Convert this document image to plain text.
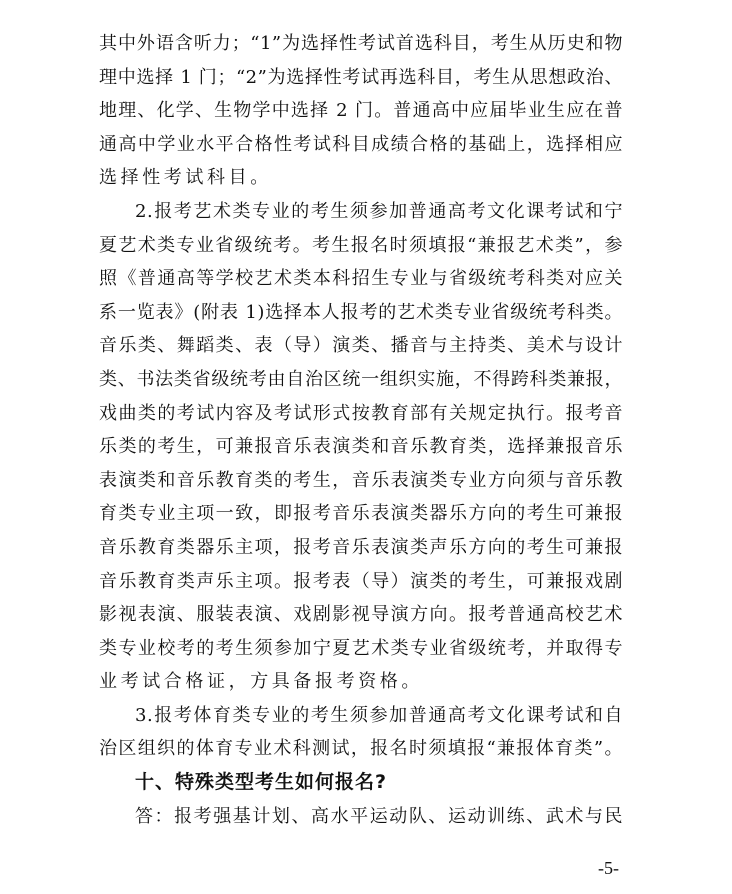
其中外语含听力；“1”为选择性考试首选科目，考生从历史和物
理中选择 1 门；“2”为选择性考试再选科目，考生从思想政治、
地理、化学、生物学中选择 2 门。普通高中应届毕业生应在普
通高中学业水平合格性考试科目成绩合格的基础上，选择相应
选择性考试科目。
2.报考艺术类专业的考生须参加普通高考文化课考试和宁
夏艺术类专业省级统考。考生报名时须填报“兼报艺术类”，参
照《普通高等学校艺术类本科招生专业与省级统考科类对应关
系一览表》(附表 1)选择本人报考的艺术类专业省级统考科类。
音乐类、舞蹈类、表（导）演类、播音与主持类、美术与设计
类、书法类省级统考由自治区统一组织实施，不得跨科类兼报，
戏曲类的考试内容及考试形式按教育部有关规定执行。报考音
乐类的考生，可兼报音乐表演类和音乐教育类，选择兼报音乐
表演类和音乐教育类的考生，音乐表演类专业方向须与音乐教
育类专业主项一致，即报考音乐表演类器乐方向的考生可兼报
音乐教育类器乐主项，报考音乐表演类声乐方向的考生可兼报
音乐教育类声乐主项。报考表（导）演类的考生，可兼报戏剧
影视表演、服装表演、戏剧影视导演方向。报考普通高校艺术
类专业校考的考生须参加宁夏艺术类专业省级统考，并取得专
业考试合格证，方具备报考资格。
3.报考体育类专业的考生须参加普通高考文化课考试和自
治区组织的体育专业术科测试，报名时须填报“兼报体育类”。
十、特殊类型考生如何报名?
答：报考强基计划、高水平运动队、运动训练、武术与民
-5-
